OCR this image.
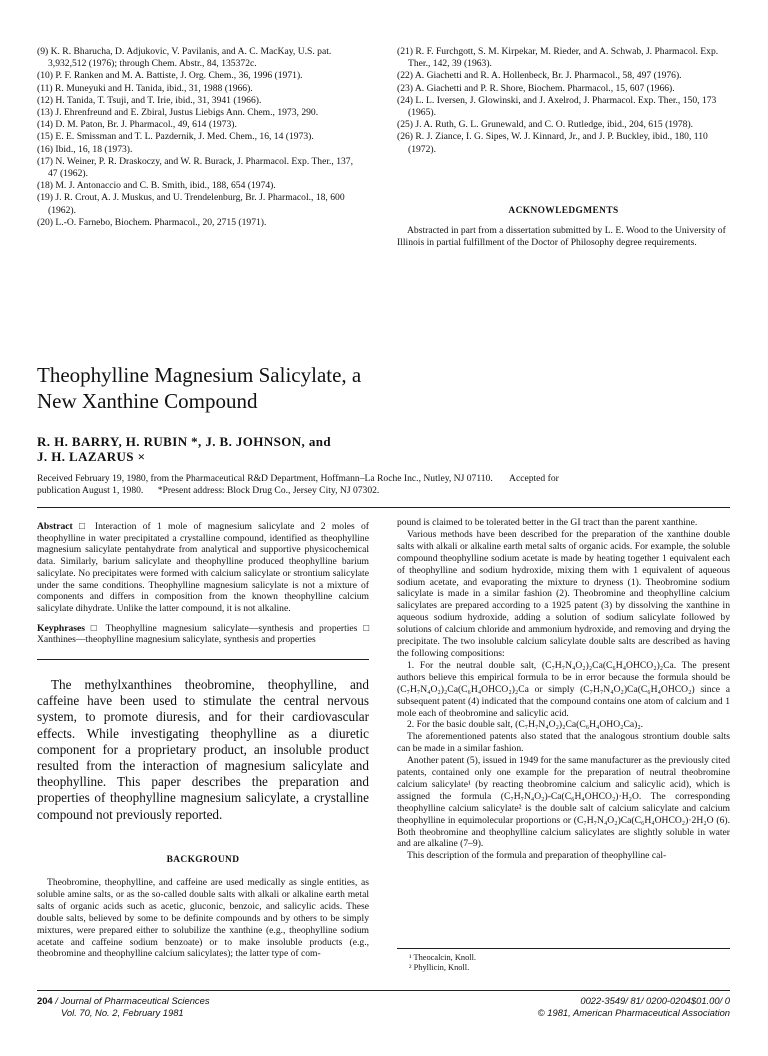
(9) K. R. Bharucha, D. Adjukovic, V. Pavilanis, and A. C. MacKay, U.S. pat. 3,932,512 (1976); through Chem. Abstr., 84, 135372c.

(10) P. F. Ranken and M. A. Battiste, J. Org. Chem., 36, 1996 (1971).

(11) R. Muneyuki and H. Tanida, ibid., 31, 1988 (1966).

(12) H. Tanida, T. Tsuji, and T. Irie, ibid., 31, 3941 (1966).

(13) J. Ehrenfreund and E. Zbiral, Justus Liebigs Ann. Chem., 1973, 290.

(14) D. M. Paton, Br. J. Pharmacol., 49, 614 (1973).

(15) E. E. Smissman and T. L. Pazdernik, J. Med. Chem., 16, 14 (1973).

(16) Ibid., 16, 18 (1973).

(17) N. Weiner, P. R. Draskoczy, and W. R. Burack, J. Pharmacol. Exp. Ther., 137, 47 (1962).

(18) M. J. Antonaccio and C. B. Smith, ibid., 188, 654 (1974).

(19) J. R. Crout, A. J. Muskus, and U. Trendelenburg, Br. J. Pharmacol., 18, 600 (1962).

(20) L.-O. Farnebo, Biochem. Pharmacol., 20, 2715 (1971).

(21) R. F. Furchgott, S. M. Kirpekar, M. Rieder, and A. Schwab, J. Pharmacol. Exp. Ther., 142, 39 (1963).

(22) A. Giachetti and R. A. Hollenbeck, Br. J. Pharmacol., 58, 497 (1976).

(23) A. Giachetti and P. R. Shore, Biochem. Pharmacol., 15, 607 (1966).

(24) L. L. Iversen, J. Glowinski, and J. Axelrod, J. Pharmacol. Exp. Ther., 150, 173 (1965).

(25) J. A. Ruth, G. L. Grunewald, and C. O. Rutledge, ibid., 204, 615 (1978).

(26) R. J. Ziance, I. G. Sipes, W. J. Kinnard, Jr., and J. P. Buckley, ibid., 180, 110 (1972).

ACKNOWLEDGMENTS

Abstracted in part from a dissertation submitted by L. E. Wood to the University of Illinois in partial fulfillment of the Doctor of Philosophy degree requirements.

Theophylline Magnesium Salicylate, a
New Xanthine Compound
R. H. BARRY, H. RUBIN *, J. B. JOHNSON, and
J. H. LAZARUS ×
Received February 19, 1980, from the Pharmaceutical R&D Department, Hoffmann–La Roche Inc., Nutley, NJ 07110.       Accepted for
publication August 1, 1980.      *Present address: Block Drug Co., Jersey City, NJ 07302.

Abstract □ Interaction of 1 mole of magnesium salicylate and 2 moles of theophylline in water precipitated a crystalline compound, identified as theophylline magnesium salicylate pentahydrate from analytical and supportive physicochemical data. Similarly, barium salicylate and theophylline produced theophylline barium salicylate. No precipitates were formed with calcium salicylate or strontium salicylate under the same conditions. Theophylline magnesium salicylate is not a mixture of components and differs in composition from the known theophylline calcium salicylate dihydrate. Unlike the latter compound, it is not alkaline.

Keyphrases □ Theophylline magnesium salicylate—synthesis and properties □ Xanthines—theophylline magnesium salicylate, synthesis and properties

The methylxanthines theobromine, theophylline, and caffeine have been used to stimulate the central nervous system, to promote diuresis, and for their cardiovascular effects. While investigating theophylline as a diuretic component for a proprietary product, an insoluble product resulted from the interaction of magnesium salicylate and theophylline. This paper describes the preparation and properties of theophylline magnesium salicylate, a crystalline compound not previously reported.

BACKGROUND

Theobromine, theophylline, and caffeine are used medically as single entities, as soluble amine salts, or as the so-called double salts with alkali or alkaline earth metal salts of organic acids such as acetic, gluconic, benzoic, and salicylic acids. These double salts, believed by some to be definite compounds and by others to be simply mixtures, were prepared either to solubilize the xanthine (e.g., theophylline sodium acetate and caffeine sodium benzoate) or to make insoluble products (e.g., theobromine and theophylline calcium salicylates); the latter type of com-

pound is claimed to be tolerated better in the GI tract than the parent xanthine.

Various methods have been described for the preparation of the xanthine double salts with alkali or alkaline earth metal salts of organic acids. For example, the soluble compound theophylline sodium acetate is made by heating together 1 equivalent each of theophylline and sodium hydroxide, mixing them with 1 equivalent of aqueous sodium acetate, and evaporating the mixture to dryness (1). Theobromine sodium salicylate is made in a similar fashion (2). Theobromine and theophylline calcium salicylates are prepared according to a 1925 patent (3) by dissolving the xanthine in aqueous sodium hydroxide, adding a solution of sodium salicylate followed by solutions of calcium chloride and ammonium hydroxide, and removing and drying the precipitate. The two insoluble calcium salicylate double salts are described as having the following compositions:

1. For the neutral double salt, (C₇H₇N₄O₂)₂Ca(C₆H₄OHCO₂)₂Ca. The present authors believe this empirical formula to be in error because the formula should be (C₇H₇N₄O₂)₂Ca(C₆H₄OHCO₂)₂Ca or simply (C₇H₇N₄O₂)Ca(C₆H₄OHCO₂) since a subsequent patent (4) indicated that the compound contains one atom of calcium and 1 mole each of theobromine and salicylic acid.

2. For the basic double salt, (C₇H₇N₄O₂)₂Ca(C₆H₄OHO₂Ca)₂.

The aforementioned patents also stated that the analogous strontium double salts can be made in a similar fashion.

Another patent (5), issued in 1949 for the same manufacturer as the previously cited patents, contained only one example for the preparation of neutral theobromine calcium salicylate¹ (by reacting theobromine calcium and salicylic acid), which is assigned the formula (C₇H₇N₄O₂)-Ca(C₆H₄OHCO₂)·H₂O. The corresponding theophylline calcium salicylate² is the double salt of calcium salicylate and calcium theophylline in equimolecular proportions or (C₇H₇N₄O₂)Ca(C₆H₄OHCO₂)·2H₂O (6). Both theobromine and theophylline calcium salicylates are slightly soluble in water and are alkaline (7–9).

This description of the formula and preparation of theophylline cal-

¹ Theocalcin, Knoll.
² Phyllicin, Knoll.
204 / Journal of Pharmaceutical Sciences
Vol. 70, No. 2, February 1981
0022-3549/ 81/ 0200-0204$01.00/ 0
© 1981, American Pharmaceutical Association
